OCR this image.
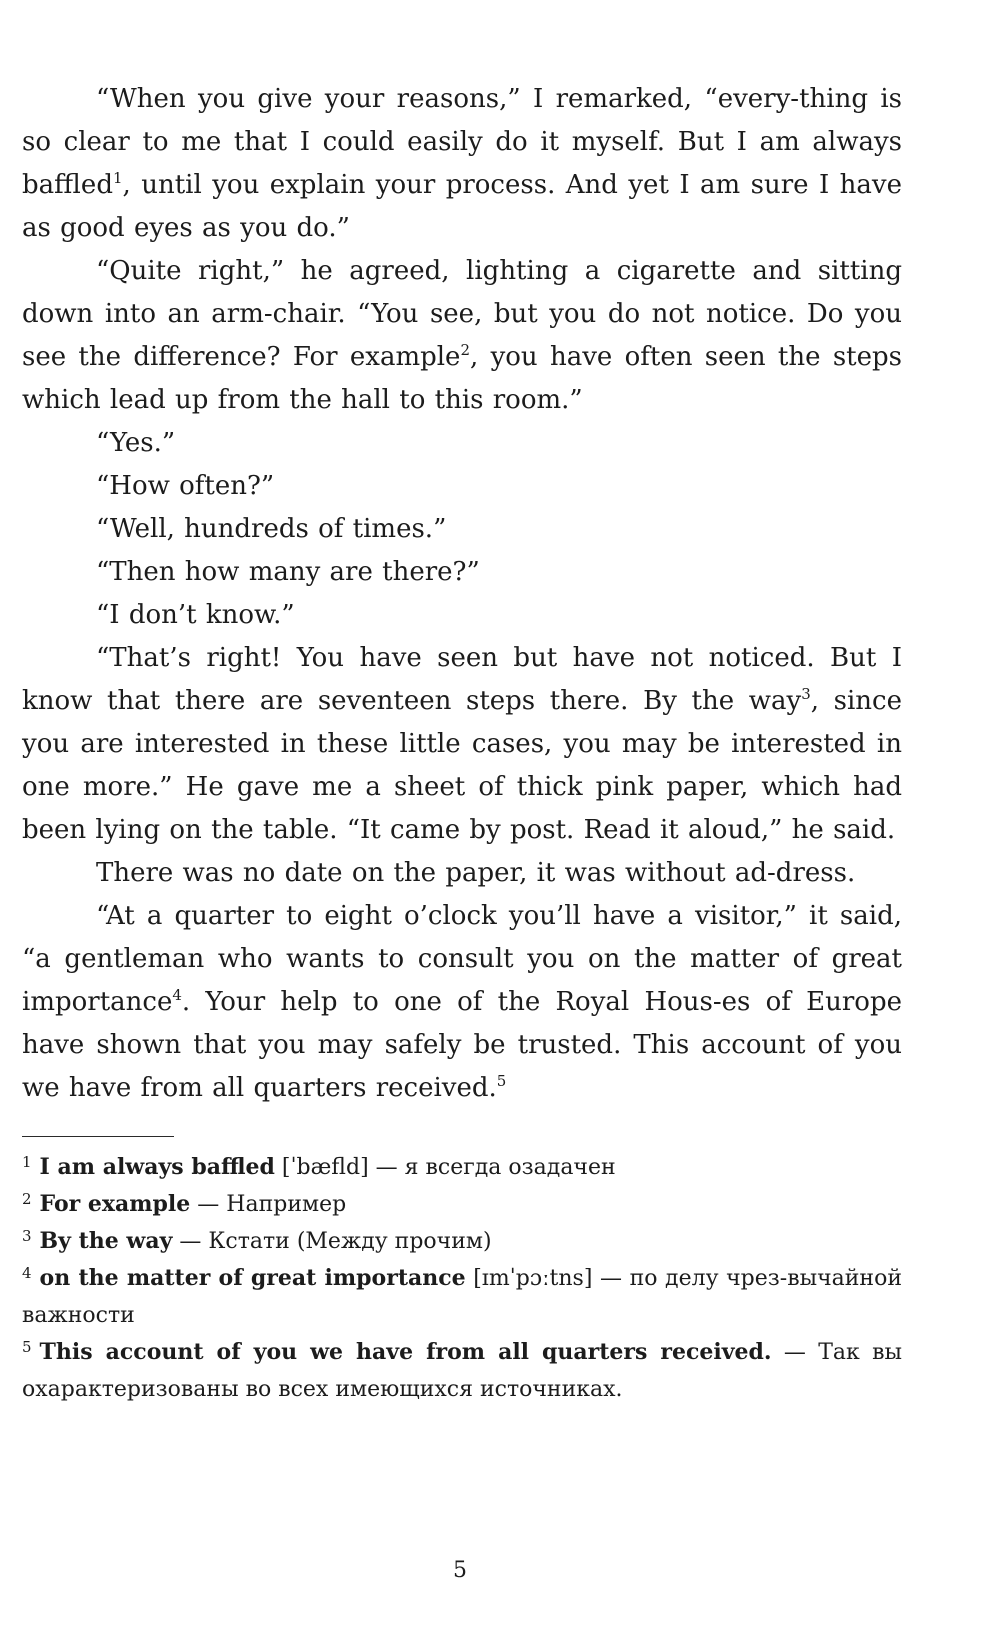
“When you give your reasons,” I remarked, “every-thing is so clear to me that I could easily do it myself. But I am always baffled$^1$, until you explain your process. And yet I am sure I have as good eyes as you do.”

“Quite right,” he agreed, lighting a cigarette and sitting down into an arm-chair. “You see, but you do not notice. Do you see the difference? For example$^2$, you have often seen the steps which lead up from the hall to this room.”

“Yes.”

“How often?”

“Well, hundreds of times.”

“Then how many are there?”

“I don’t know.”

“That’s right! You have seen but have not noticed. But I know that there are seventeen steps there. By the way$^3$, since you are interested in these little cases, you may be interested in one more.” He gave me a sheet of thick pink paper, which had been lying on the table. “It came by post. Read it aloud,” he said.

There was no date on the paper, it was without ad-dress.

“At a quarter to eight o’clock you’ll have a visitor,” it said, “a gentleman who wants to consult you on the matter of great importance$^4$. Your help to one of the Royal Hous-es of Europe have shown that you may safely be trusted. This account of you we have from all quarters received.$^5$

$^1$ I am always baffled [ˈbæfld] — я всегда озадачен

$^2$ For example — Например

$^3$ By the way — Кстати (Между прочим)

$^4$ on the matter of great importance [ɪmˈpɔːtns] — по делу чрез-вычайной важности

$^5$ This account of you we have from all quarters received. — Так вы охарактеризованы во всех имеющихся источниках.

5
